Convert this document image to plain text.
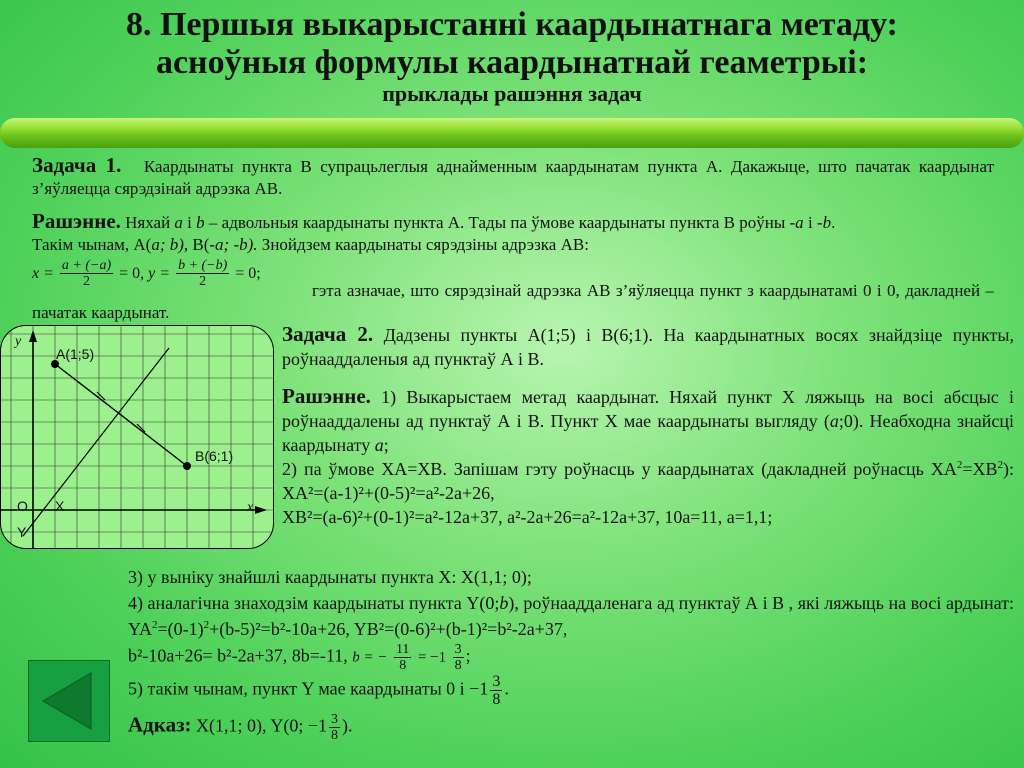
8. Першыя выкарыстанні каардынатнага метаду:
асноўныя формулы каардынатнай геаметрыі:
прыклады рашэння задач
Задача 1. Каардынаты пункта В супрацьлеглыя аднайменным каардынатам пункта А. Дакажыце, што пачатак каардынат з’яўляецца сярэдзінай адрэзка АВ.
Рашэнне. Няхай a і b – адвольныя каардынаты пункта А. Тады па ўмове каардынаты пункта В роўны -a і -b.
Такім чынам, А(a; b), В(-a; -b). Знойдзем каардынаты сярэдзіны адрэзка АВ:
$x = \frac{a + (-a)}{2} = 0$, $y = \frac{b + (-b)}{2} = 0$;
гэта азначае, што сярэдзінай адрэзка АВ з’яўляецца пункт з каардынатамі 0 і 0, дакладней – пачатак каардынат.
y
x
A(1;5)
B(6;1)
O X
Y
Задача 2. Дадзены пункты А(1;5) і В(6;1). На каардынатных восях знайдзіце пункты, роўнааддаленыя ад пунктаў А і В.
Рашэнне. 1) Выкарыстаем метад каардынат. Няхай пункт Х ляжыць на восі абсцыс і роўнааддалены ад пунктаў А і В. Пункт Х мае каардынаты выгляду (a;0). Неабходна знайсці каардынату a;
2) па ўмове ХА=ХВ. Запішам гэту роўнасць у каардынатах (дакладней роўнасць $ХА^2=ХВ^2$): XA²=(a-1)²+(0-5)²=a²-2a+26,
XB²=(a-6)²+(0-1)²=a²-12a+37, a²-2a+26=a²-12a+37, 10a=11, a=1,1;
3) у выніку знайшлі каардынаты пункта Х: Х(1,1; 0);
4) аналагічна знаходзім каардынаты пункта Y(0;b), роўнааддаленага ад пунктаў А і В , які ляжыць на восі ардынат: $YA^2=(0-1)^2+(b-5)^2=b^2-10a+26$, YB²=(0-6)²+(b-1)²=b²-2a+37,
b²-10a+26= b²-2a+37, 8b=-11, b = − $\frac{11}{8} = -1 \frac{3}{8}$ ;
5) такім чынам, пункт Y мае каардынаты 0 $і -1 \frac{3}{8}$ .
Адказ: X(1,1; 0), Y(0; $-1 \frac{3}{8}$ ).
